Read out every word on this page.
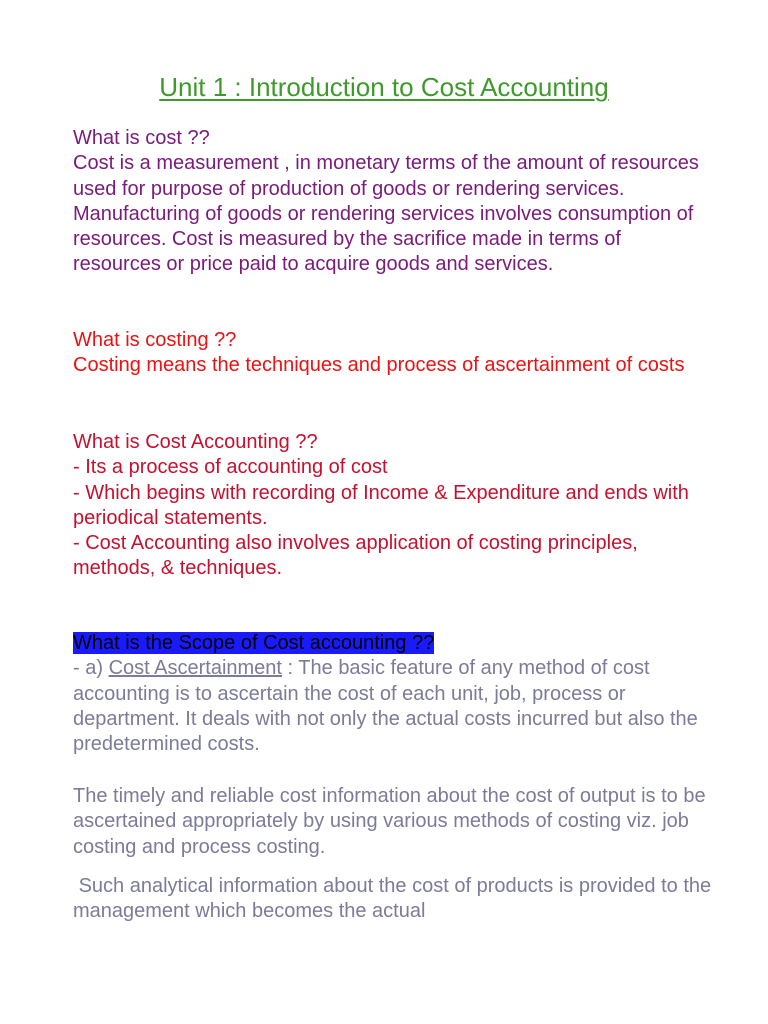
Unit 1 : Introduction to Cost Accounting

What is cost ??

Cost is a measurement , in monetary terms of the amount of resources used for purpose of production of goods or rendering services. Manufacturing of goods or rendering services involves consumption of resources. Cost is measured by the sacrifice made in terms of resources or price paid to acquire goods and services.

What is costing ??

Costing means the techniques and process of ascertainment of costs

What is Cost Accounting ??

- Its a process of accounting of cost

- Which begins with recording of Income & Expenditure and ends with periodical statements.

- Cost Accounting also involves application of costing principles, methods, & techniques.

What is the Scope of Cost accounting ??

- a) Cost Ascertainment : The basic feature of any method of cost accounting is to ascertain the cost of each unit, job, process or department. It deals with not only the actual costs incurred but also the predetermined costs.

The timely and reliable cost information about the cost of output is to be ascertained appropriately by using various methods of costing viz. job costing and process costing.

Such analytical information about the cost of products is provided to the management which becomes the actual
